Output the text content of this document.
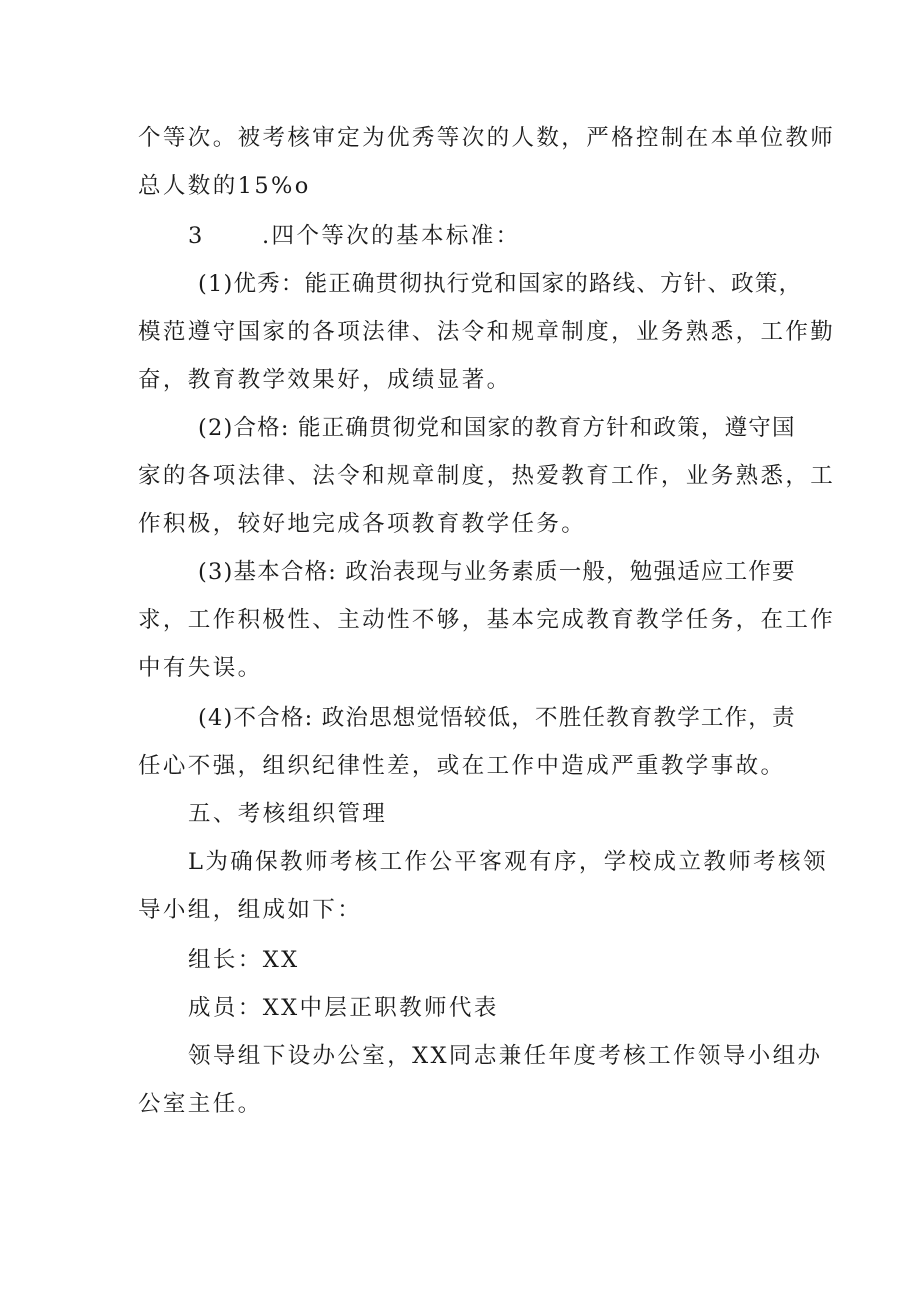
个等次。被考核审定为优秀等次的人数，严格控制在本单位教师
总人数的15%o
3	.四个等次的基本标准：
(1)优秀：能正确贯彻执行党和国家的路线、方针、政策，
模范遵守国家的各项法律、法令和规章制度，业务熟悉，工作勤
奋，教育教学效果好，成绩显著。
(2)合格: 能正确贯彻党和国家的教育方针和政策，遵守国
家的各项法律、法令和规章制度，热爱教育工作，业务熟悉，工
作积极，较好地完成各项教育教学任务。
(3)基本合格: 政治表现与业务素质一般，勉强适应工作要
求，工作积极性、主动性不够，基本完成教育教学任务，在工作
中有失误。
(4)不合格: 政治思想觉悟较低，不胜任教育教学工作，责
任心不强，组织纪律性差，或在工作中造成严重教学事故。
五、考核组织管理
L为确保教师考核工作公平客观有序，学校成立教师考核领
导小组，组成如下：
组长：XX
成员：XX中层正职教师代表
领导组下设办公室，XX同志兼任年度考核工作领导小组办
公室主任。
